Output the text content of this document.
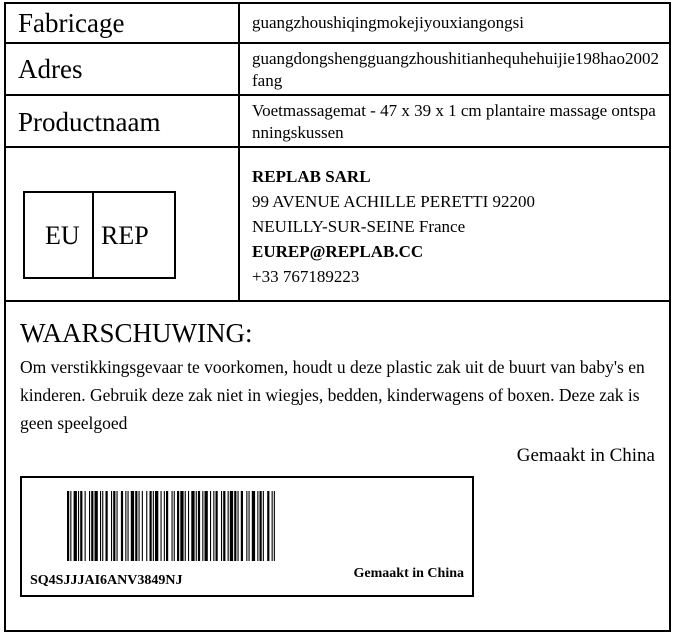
Fabricage	guangzhoushiqingmokejiyouxiangongsi
Adres	guangdongshengguangzhoushitianhequhehuijie198hao2002fang
Productnaam	Voetmassagemat - 47 x 39 x 1 cm plantaire massage ontspanningskussen
EU REP
REPLAB SARL
99 AVENUE ACHILLE PERETTI 92200
NEUILLY-SUR-SEINE France
EUREP@REPLAB.CC
+33 767189223
WAARSCHUWING:
Om verstikkingsgevaar te voorkomen, houdt u deze plastic zak uit de buurt van baby's en kinderen. Gebruik deze zak niet in wiegjes, bedden, kinderwagens of boxen. Deze zak is geen speelgoed
Gemaakt in China
SQ4SJJJAI6ANV3849NJ	Gemaakt in China
